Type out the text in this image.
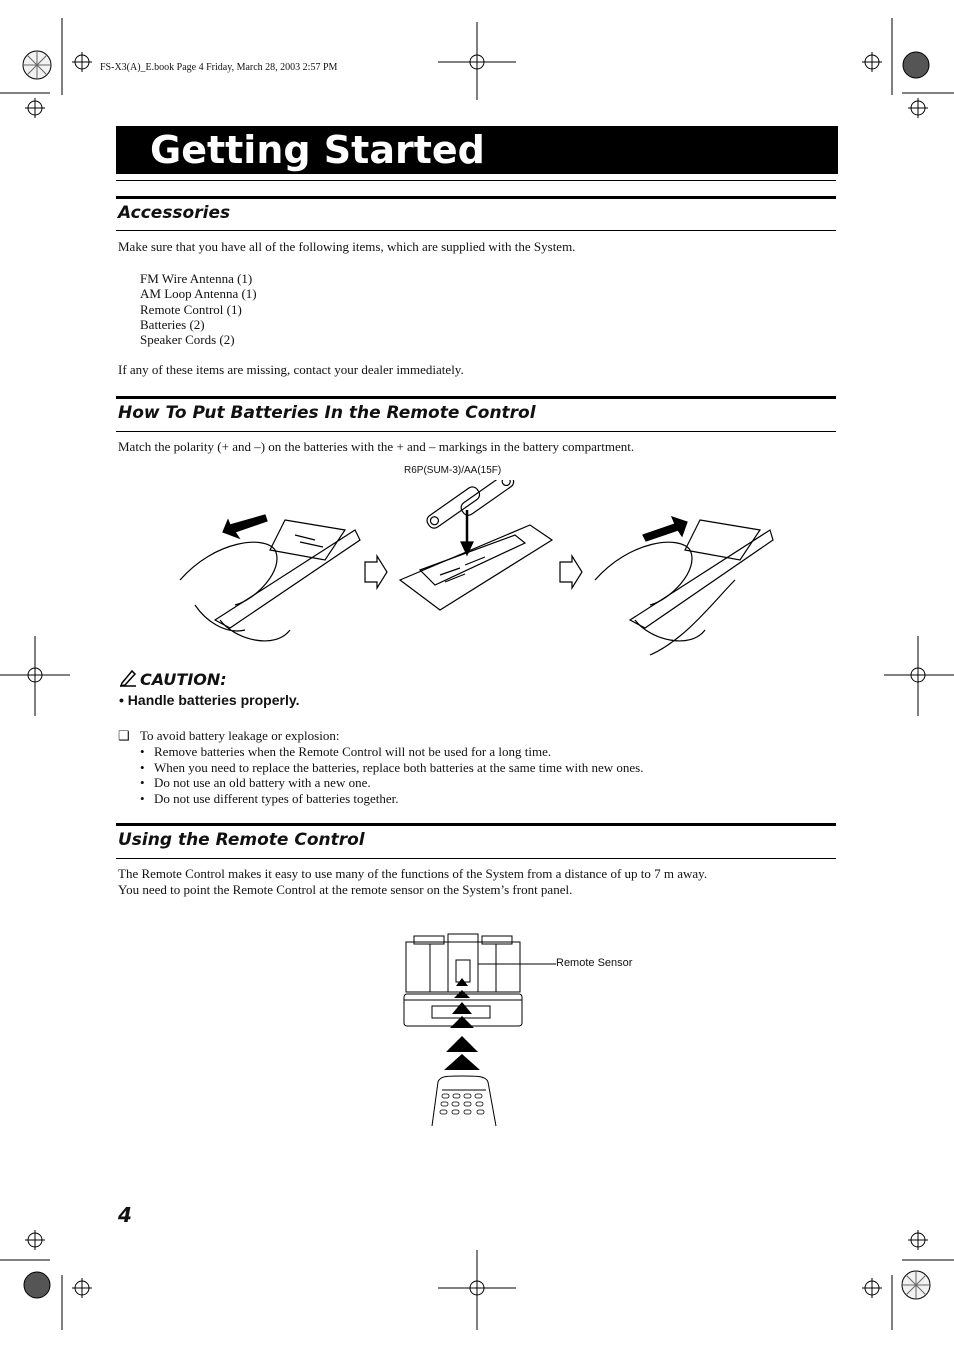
FS-X3(A)_E.book Page 4 Friday, March 28, 2003 2:57 PM
Getting Started
Accessories
Make sure that you have all of the following items, which are supplied with the System.
FM Wire Antenna (1)
AM Loop Antenna (1)
Remote Control (1)
Batteries (2)
Speaker Cords (2)
If any of these items are missing, contact your dealer immediately.
How To Put Batteries In the Remote Control
Match the polarity (+ and –) on the batteries with the + and – markings in the battery compartment.
R6P(SUM-3)/AA(15F)
CAUTION:
• Handle batteries properly.
❑ To avoid battery leakage or explosion:
• Remove batteries when the Remote Control will not be used for a long time.
• When you need to replace the batteries, replace both batteries at the same time with new ones.
• Do not use an old battery with a new one.
• Do not use different types of batteries together.
Using the Remote Control
The Remote Control makes it easy to use many of the functions of the System from a distance of up to 7 m away.
You need to point the Remote Control at the remote sensor on the System’s front panel.
Remote Sensor
4
